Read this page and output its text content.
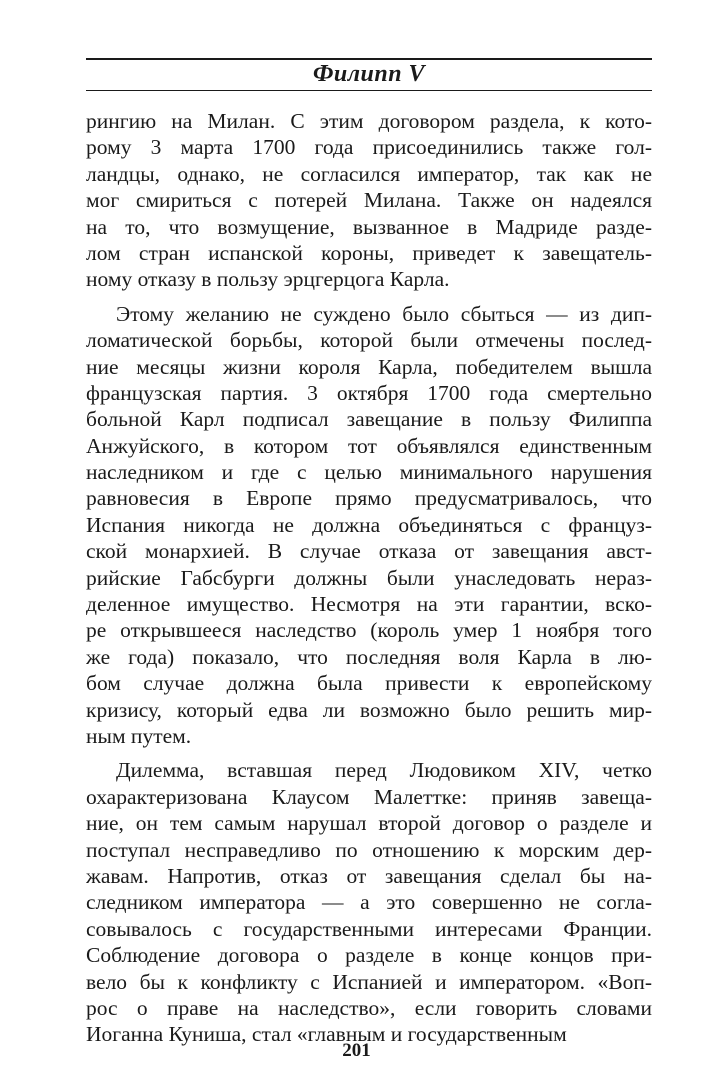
Филипп V
рингию на Милан. С этим договором раздела, к кото-
рому 3 марта 1700 года присоединились также гол-
ландцы, однако, не согласился император, так как не
мог смириться с потерей Милана. Также он надеялся
на то, что возмущение, вызванное в Мадриде разде-
лом стран испанской короны, приведет к завещатель-
ному отказу в пользу эрцгерцога Карла.
Этому желанию не суждено было сбыться — из дип-
ломатической борьбы, которой были отмечены послед-
ние месяцы жизни короля Карла, победителем вышла
французская партия. 3 октября 1700 года смертельно
больной Карл подписал завещание в пользу Филиппа
Анжуйского, в котором тот объявлялся единственным
наследником и где с целью минимального нарушения
равновесия в Европе прямо предусматривалось, что
Испания никогда не должна объединяться с француз-
ской монархией. В случае отказа от завещания авст-
рийские Габсбурги должны были унаследовать нераз-
деленное имущество. Несмотря на эти гарантии, вско-
ре открывшееся наследство (король умер 1 ноября того
же года) показало, что последняя воля Карла в лю-
бом случае должна была привести к европейскому
кризису, который едва ли возможно было решить мир-
ным путем.
Дилемма, вставшая перед Людовиком XIV, четко
охарактеризована Клаусом Малеттке: приняв завеща-
ние, он тем самым нарушал второй договор о разделе и
поступал несправедливо по отношению к морским дер-
жавам. Напротив, отказ от завещания сделал бы на-
следником императора — а это совершенно не согла-
совывалось с государственными интересами Франции.
Соблюдение договора о разделе в конце концов при-
вело бы к конфликту с Испанией и императором. «Воп-
рос о праве на наследство», если говорить словами
Иоганна Куниша, стал «главным и государственным
201
